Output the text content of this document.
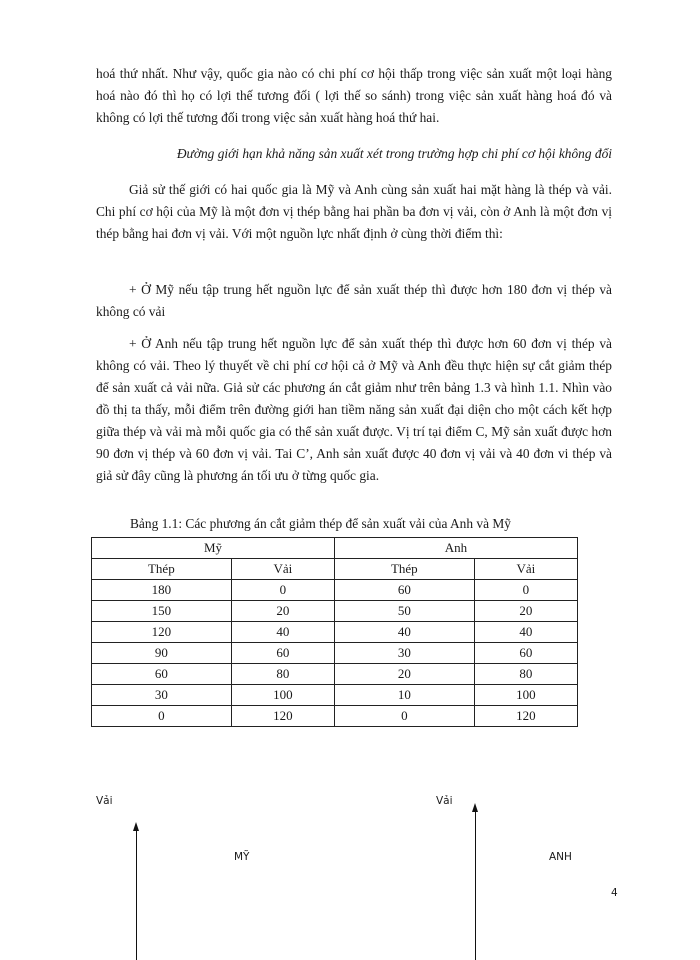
hoá thứ nhất. Như vậy, quốc gia nào có chi phí cơ hội thấp trong việc sản xuất một loại hàng hoá nào đó thì họ có lợi thế tương đối ( lợi thế so sánh) trong việc sản xuất hàng hoá đó và không có lợi thế tương đối trong việc sản xuất hàng hoá thứ hai.

Đường giới hạn khả năng sản xuất xét trong trường hợp chi phí cơ hội không đổi

Giả sử thế giới có hai quốc gia là Mỹ và Anh cùng sản xuất hai mặt hàng là thép và vải. Chi phí cơ hội của Mỹ là một đơn vị thép bằng hai phần ba đơn vị vải, còn ở Anh là một đơn vị thép bằng hai đơn vị vải. Với một nguồn lực nhất định ở cùng thời điểm thì:

+ Ở Mỹ nếu tập trung hết nguồn lực để sản xuất thép thì được hơn 180 đơn vị thép và không có vải

+ Ở Anh nếu tập trung hết nguồn lực để sản xuất thép thì được hơn 60 đơn vị thép và không có vải. Theo lý thuyết về chi phí cơ hội cả ở Mỹ và Anh đều thực hiện sự cắt giảm thép để sản xuất cả vải nữa. Giả sử các phương án cắt giảm như trên bảng 1.3 và hình 1.1. Nhìn vào đồ thị ta thấy, mỗi điểm trên đường giới han tiềm năng sản xuất đại diện cho một cách kết hợp giữa thép và vải mà mỗi quốc gia có thể sản xuất được. Vị trí tại điểm C, Mỹ sản xuất được hơn 90 đơn vị thép và 60 đơn vị vải. Tai C’, Anh sản xuất được 40 đơn vị vải và 40 đơn vi thép và giả sử đây cũng là phương án tối ưu ở từng quốc gia.

Bảng 1.1: Các phương án cắt giảm thép để sản xuất vải của Anh và Mỹ
Mỹ		Anh	
Thép	Vải	Thép	Vải
180	0	60	0
150	20	50	20
120	40	40	40
90	60	30	60
60	80	20	80
30	100	10	100
0	120	0	120
Vải
MỸ
Vải
ANH
4
